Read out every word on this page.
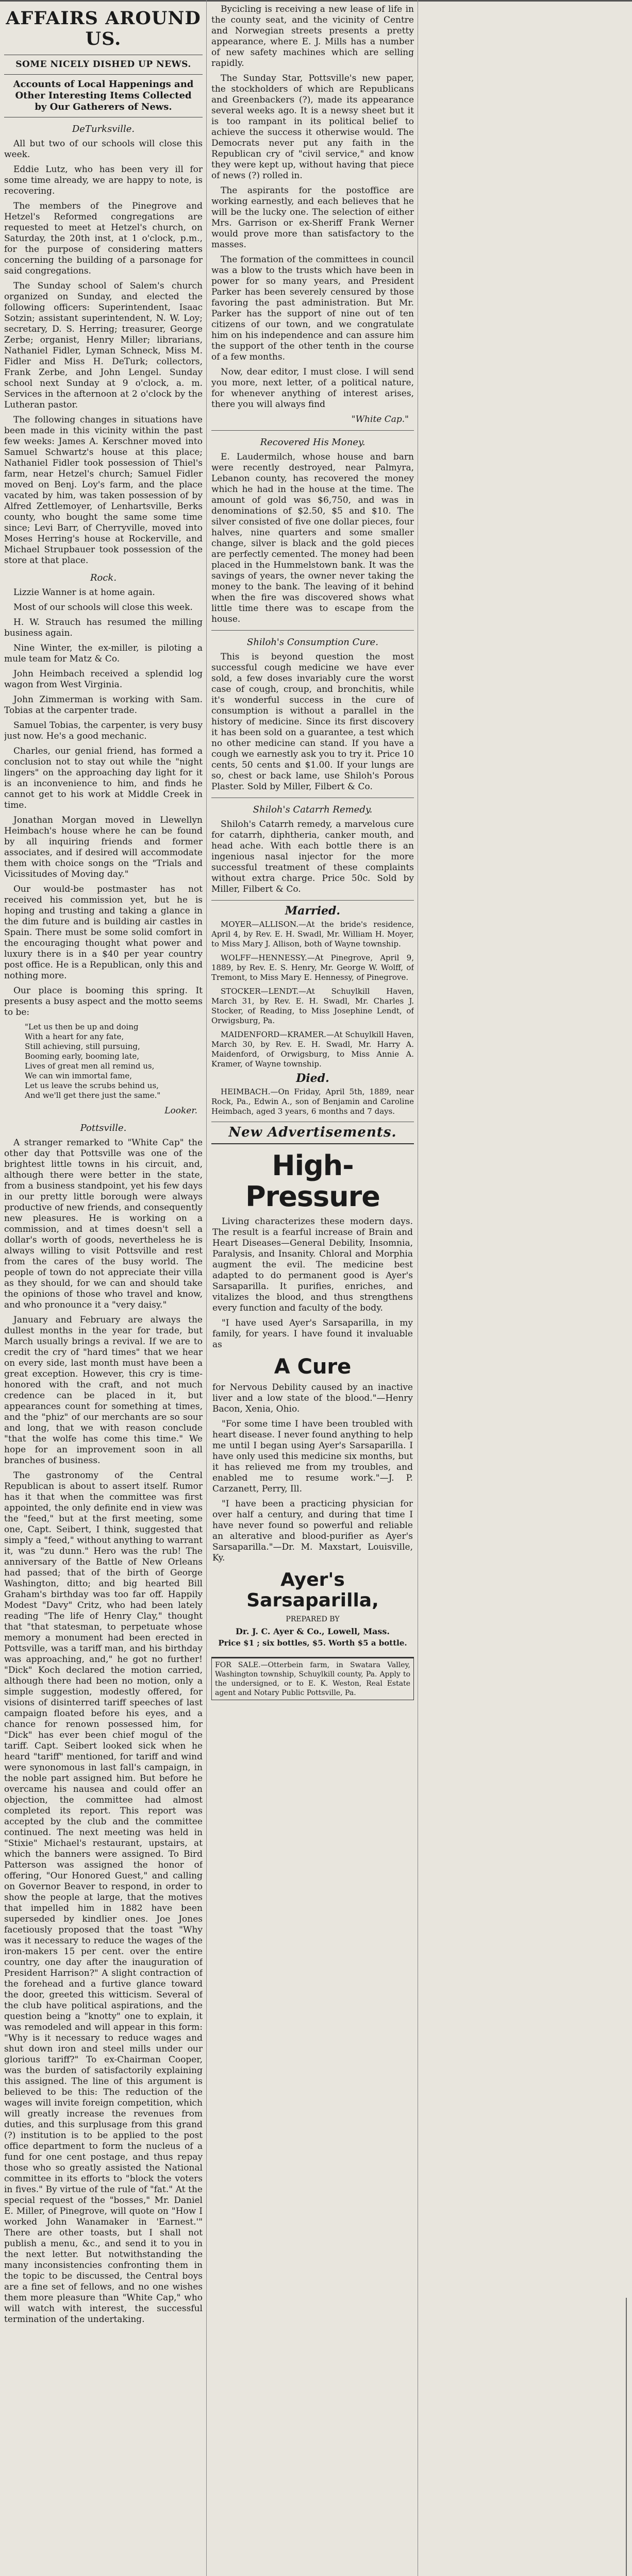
AFFAIRS AROUND US.
SOME NICELY DISHED UP NEWS.
Accounts of Local Happenings and Other Interesting Items Collected by Our Gatherers of News.
DeTurksville.

All but two of our schools will close this week.

Eddie Lutz, who has been very ill for some time already, we are happy to note, is recovering.

The members of the Pinegrove and Hetzel's Reformed congregations are requested to meet at Hetzel's church, on Saturday, the 20th inst, at 1 o'clock, p.m., for the purpose of considering matters concerning the building of a parsonage for said congregations.

The Sunday school of Salem's church organized on Sunday, and elected the following officers: Superintendent, Isaac Sotzin; assistant superintendent, N. W. Loy; secretary, D. S. Herring; treasurer, George Zerbe; organist, Henry Miller; librarians, Nathaniel Fidler, Lyman Schneck, Miss M. Fidler and Miss H. DeTurk; collectors, Frank Zerbe, and John Lengel. Sunday school next Sunday at 9 o'clock, a. m. Services in the afternoon at 2 o'clock by the Lutheran pastor.

The following changes in situations have been made in this vicinity within the past few weeks: James A. Kerschner moved into Samuel Schwartz's house at this place; Nathaniel Fidler took possession of Thiel's farm, near Hetzel's church; Samuel Fidler moved on Benj. Loy's farm, and the place vacated by him, was taken possession of by Alfred Zettlemoyer, of Lenhartsville, Berks county, who bought the same some time since; Levi Barr, of Cherryville, moved into Moses Herring's house at Rockerville, and Michael Strupbauer took possession of the store at that place.

Rock.

Lizzie Wanner is at home again.

Most of our schools will close this week.

H. W. Strauch has resumed the milling business again.

Nine Winter, the ex-miller, is piloting a mule team for Matz & Co.

John Heimbach received a splendid log wagon from West Virginia.

John Zimmerman is working with Sam. Tobias at the carpenter trade.

Samuel Tobias, the carpenter, is very busy just now. He's a good mechanic.

Charles, our genial friend, has formed a conclusion not to stay out while the "night lingers" on the approaching day light for it is an inconvenience to him, and finds he cannot get to his work at Middle Creek in time.

Jonathan Morgan moved in Llewellyn Heimbach's house where he can be found by all inquiring friends and former associates, and if desired will accommodate them with choice songs on the "Trials and Vicissitudes of Moving day."

Our would-be postmaster has not received his commission yet, but he is hoping and trusting and taking a glance in the dim future and is building air castles in Spain. There must be some solid comfort in the encouraging thought what power and luxury there is in a $40 per year country post office. He is a Republican, only this and nothing more.

Our place is booming this spring. It presents a busy aspect and the motto seems to be:

"Let us then be up and doing
With a heart for any fate,
Still achieving, still pursuing,
Booming early, booming late,
Lives of great men all remind us,
We can win immortal fame,
Let us leave the scrubs behind us,
And we'll get there just the same."
Looker.
Pottsville.

A stranger remarked to "White Cap" the other day that Pottsville was one of the brightest little towns in his circuit, and, although there were better in the state, from a business standpoint, yet his few days in our pretty little borough were always productive of new friends, and consequently new pleasures. He is working on a commission, and at times doesn't sell a dollar's worth of goods, nevertheless he is always willing to visit Pottsville and rest from the cares of the busy world. The people of town do not appreciate their villa as they should, for we can and should take the opinions of those who travel and know, and who pronounce it a "very daisy."

January and February are always the dullest months in the year for trade, but March usually brings a revival. If we are to credit the cry of "hard times" that we hear on every side, last month must have been a great exception. However, this cry is time-honored with the craft, and not much credence can be placed in it, but appearances count for something at times, and the "phiz" of our merchants are so sour and long, that we with reason conclude "that the wolfe has come this time." We hope for an improvement soon in all branches of business.

The gastronomy of the Central Republican is about to assert itself. Rumor has it that when the committee was first appointed, the only definite end in view was the "feed," but at the first meeting, some one, Capt. Seibert, I think, suggested that simply a "feed," without anything to warrant it, was "zu dunn." Hero was the rub! The anniversary of the Battle of New Orleans had passed; that of the birth of George Washington, ditto; and big hearted Bill Graham's birthday was too far off. Happily Modest "Davy" Critz, who had been lately reading "The life of Henry Clay," thought that "that statesman, to perpetuate whose memory a monument had been erected in Pottsville, was a tariff man, and his birthday was approaching, and," he got no further! "Dick" Koch declared the motion carried, although there had been no motion, only a simple suggestion, modestly offered, for visions of disinterred tariff speeches of last campaign floated before his eyes, and a chance for renown possessed him, for "Dick" has ever been chief mogul of the tariff. Capt. Seibert looked sick when he heard "tariff" mentioned, for tariff and wind were synonomous in last fall's campaign, in the noble part assigned him. But before he overcame his nausea and could offer an objection, the committee had almost completed its report. This report was accepted by the club and the committee continued. The next meeting was held in "Stixie" Michael's restaurant, upstairs, at which the banners were assigned. To Bird Patterson was assigned the honor of offering, "Our Honored Guest," and calling on Governor Beaver to respond, in order to show the people at large, that the motives that impelled him in 1882 have been superseded by kindlier ones. Joe Jones facetiously proposed that the toast "Why was it necessary to reduce the wages of the iron-makers 15 per cent. over the entire country, one day after the inauguration of President Harrison?" A slight contraction of the forehead and a furtive glance toward the door, greeted this witticism. Several of the club have political aspirations, and the question being a "knotty" one to explain, it was remodeled and will appear in this form: "Why is it necessary to reduce wages and shut down iron and steel mills under our glorious tariff?" To ex-Chairman Cooper, was the burden of satisfactorily explaining this assigned. The line of this argument is believed to be this: The reduction of the wages will invite foreign competition, which will greatly increase the revenues from duties, and this surplusage from this grand (?) institution is to be applied to the post office department to form the nucleus of a fund for one cent postage, and thus repay those who so greatly assisted the National committee in its efforts to "block the voters in fives." By virtue of the rule of "fat." At the special request of the "bosses," Mr. Daniel E. Miller, of Pinegrove, will quote on "How I worked John Wanamaker in 'Earnest.'" There are other toasts, but I shall not publish a menu, &c., and send it to you in the next letter. But notwithstanding the many inconsistencies confronting them in the topic to be discussed, the Central boys are a fine set of fellows, and no one wishes them more pleasure than "White Cap," who will watch with interest, the successful termination of the undertaking.

Bycicling is receiving a new lease of life in the county seat, and the vicinity of Centre and Norwegian streets presents a pretty appearance, where E. J. Mills has a number of new safety machines which are selling rapidly.

The Sunday Star, Pottsville's new paper, the stockholders of which are Republicans and Greenbackers (?), made its appearance several weeks ago. It is a newsy sheet but it is too rampant in its political belief to achieve the success it otherwise would. The Democrats never put any faith in the Republican cry of "civil service," and know they were kept up, without having that piece of news (?) rolled in.

The aspirants for the postoffice are working earnestly, and each believes that he will be the lucky one. The selection of either Mrs. Garrison or ex-Sheriff Frank Werner would prove more than satisfactory to the masses.

The formation of the committees in council was a blow to the trusts which have been in power for so many years, and President Parker has been severely censured by those favoring the past administration. But Mr. Parker has the support of nine out of ten citizens of our town, and we congratulate him on his independence and can assure him the support of the other tenth in the course of a few months.

Now, dear editor, I must close. I will send you more, next letter, of a political nature, for whenever anything of interest arises, there you will always find

"White Cap."
Recovered His Money.

E. Laudermilch, whose house and barn were recently destroyed, near Palmyra, Lebanon county, has recovered the money which he had in the house at the time. The amount of gold was $6,750, and was in denominations of $2.50, $5 and $10. The silver consisted of five one dollar pieces, four halves, nine quarters and some smaller change, silver is black and the gold pieces are perfectly cemented. The money had been placed in the Hummelstown bank. It was the savings of years, the owner never taking the money to the bank. The leaving of it behind when the fire was discovered shows what little time there was to escape from the house.

Shiloh's Consumption Cure.

This is beyond question the most successful cough medicine we have ever sold, a few doses invariably cure the worst case of cough, croup, and bronchitis, while it's wonderful success in the cure of consumption is without a parallel in the history of medicine. Since its first discovery it has been sold on a guarantee, a test which no other medicine can stand. If you have a cough we earnestly ask you to try it. Price 10 cents, 50 cents and $1.00. If your lungs are so, chest or back lame, use Shiloh's Porous Plaster. Sold by Miller, Filbert & Co.

Shiloh's Catarrh Remedy.

Shiloh's Catarrh remedy, a marvelous cure for catarrh, diphtheria, canker mouth, and head ache. With each bottle there is an ingenious nasal injector for the more successful treatment of these complaints without extra charge. Price 50c. Sold by Miller, Filbert & Co.

Married.

MOYER—ALLISON.—At the bride's residence, April 4, by Rev. E. H. Swadl, Mr. William H. Moyer, to Miss Mary J. Allison, both of Wayne township.

WOLFF—HENNESSY.—At Pinegrove, April 9, 1889, by Rev. E. S. Henry, Mr. George W. Wolff, of Tremont, to Miss Mary E. Hennessy, of Pinegrove.

STOCKER—LENDT.—At Schuylkill Haven, March 31, by Rev. E. H. Swadl, Mr. Charles J. Stocker, of Reading, to Miss Josephine Lendt, of Orwigsburg, Pa.

MAIDENFORD—KRAMER.—At Schuylkill Haven, March 30, by Rev. E. H. Swadl, Mr. Harry A. Maidenford, of Orwigsburg, to Miss Annie A. Kramer, of Wayne township.

Died.

HEIMBACH.—On Friday, April 5th, 1889, near Rock, Pa., Edwin A., son of Benjamin and Caroline Heimbach, aged 3 years, 6 months and 7 days.

New Advertisements.
High-Pressure

Living characterizes these modern days. The result is a fearful increase of Brain and Heart Diseases—General Debility, Insomnia, Paralysis, and Insanity. Chloral and Morphia augment the evil. The medicine best adapted to do permanent good is Ayer's Sarsaparilla. It purifies, enriches, and vitalizes the blood, and thus strengthens every function and faculty of the body.

"I have used Ayer's Sarsaparilla, in my family, for years. I have found it invaluable as

A Cure

for Nervous Debility caused by an inactive liver and a low state of the blood."—Henry Bacon, Xenia, Ohio.

"For some time I have been troubled with heart disease. I never found anything to help me until I began using Ayer's Sarsaparilla. I have only used this medicine six months, but it has relieved me from my troubles, and enabled me to resume work."—J. P. Carzanett, Perry, Ill.

"I have been a practicing physician for over half a century, and during that time I have never found so powerful and reliable an alterative and blood-purifier as Ayer's Sarsaparilla."—Dr. M. Maxstart, Louisville, Ky.

Ayer's Sarsaparilla,
PREPARED BY
Dr. J. C. Ayer & Co., Lowell, Mass.
Price $1 ; six bottles, $5. Worth $5 a bottle.

FOR SALE.—Otterbein farm, in Swatara Valley, Washington township, Schuylkill county, Pa. Apply to the undersigned, or to E. K. Weston, Real Estate agent and Notary Public Pottsville, Pa.
